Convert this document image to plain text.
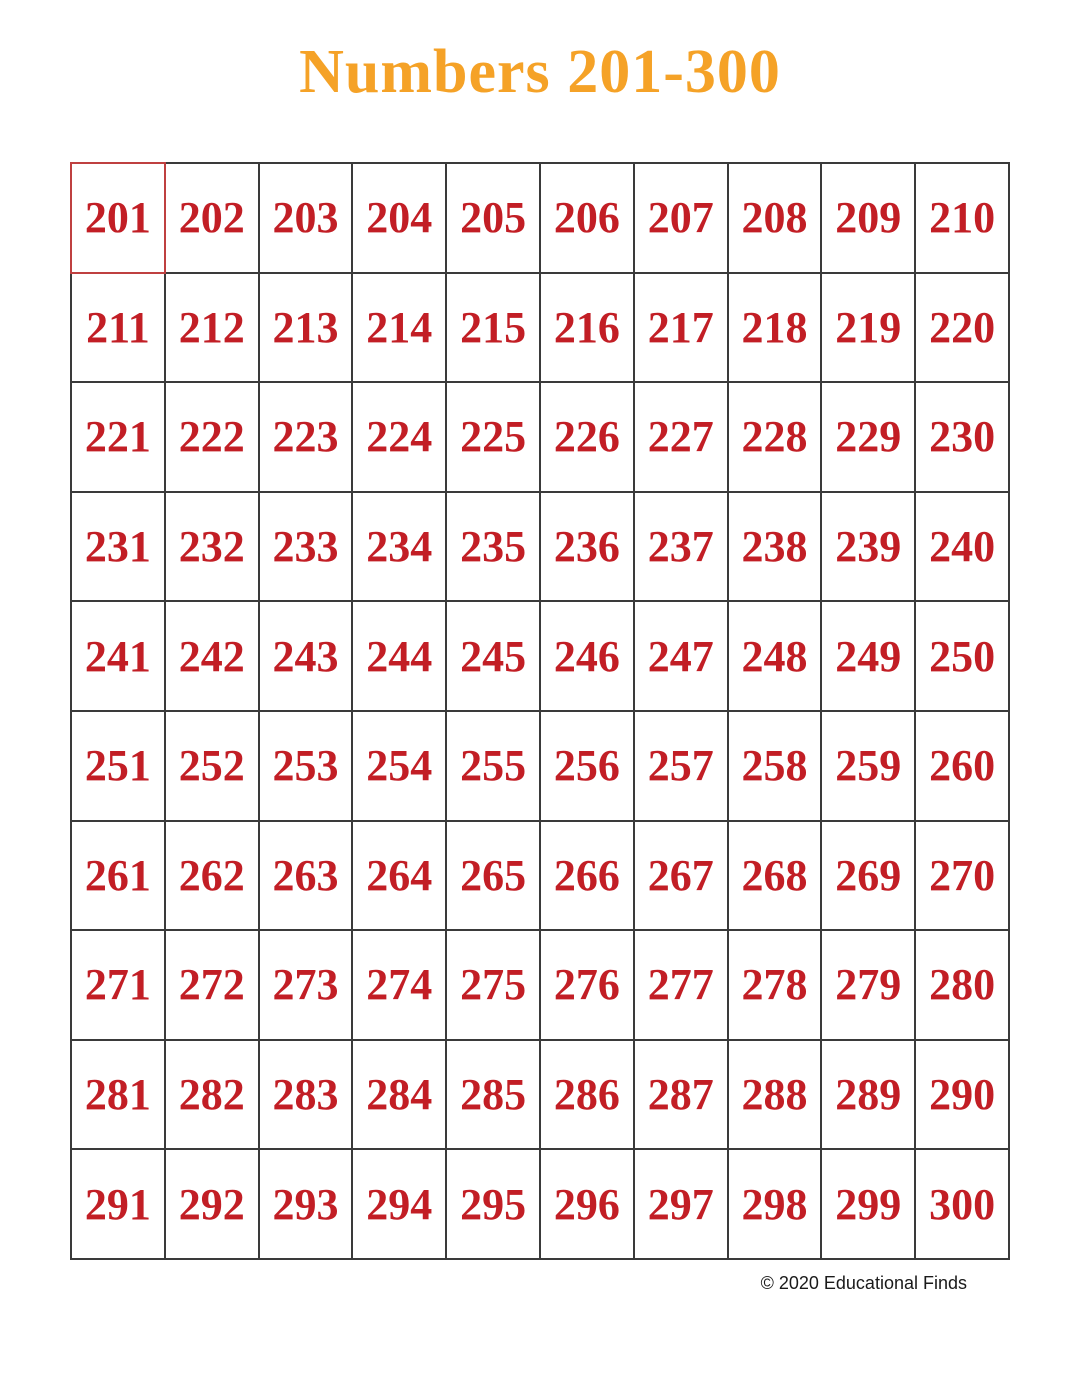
Numbers 201-300
201	202	203	204	205	206	207	208	209	210
211	212	213	214	215	216	217	218	219	220
221	222	223	224	225	226	227	228	229	230
231	232	233	234	235	236	237	238	239	240
241	242	243	244	245	246	247	248	249	250
251	252	253	254	255	256	257	258	259	260
261	262	263	264	265	266	267	268	269	270
271	272	273	274	275	276	277	278	279	280
281	282	283	284	285	286	287	288	289	290
291	292	293	294	295	296	297	298	299	300
© 2020 Educational Finds
